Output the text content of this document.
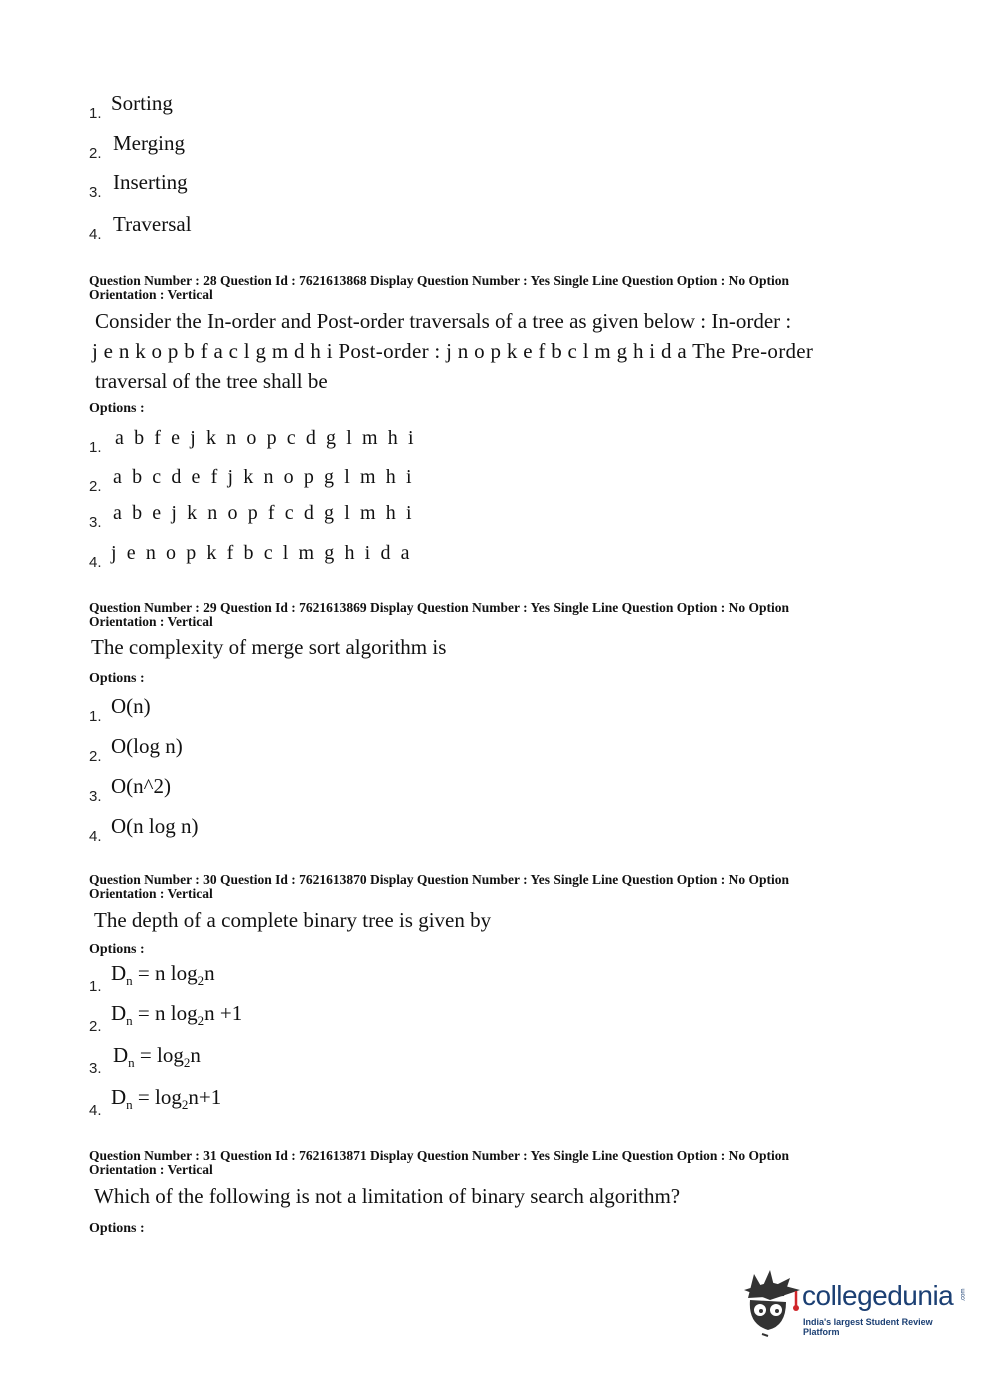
1. Sorting
2. Merging
3. Inserting
4. Traversal
Question Number : 28 Question Id : 7621613868 Display Question Number : Yes Single Line Question Option : No Option
Orientation : Vertical
Consider the In-order and Post-order traversals of a tree as given below : In-order :
j e n k o p b f a c l g m d h i Post-order : j n o p k e f b c l m g h i d a The Pre-order
traversal of the tree shall be
Options :
1. a b f e j k n o p c d g l m h i
2. a b c d e f j k n o p g l m h i
3. a b e j k n o p f c d g l m h i
4. j e n o p k f b c l m g h i d a
Question Number : 29 Question Id : 7621613869 Display Question Number : Yes Single Line Question Option : No Option
Orientation : Vertical
The complexity of merge sort algorithm is
Options :
1. O(n)
2. O(log n)
3. O(n^2)
4. O(n log n)
Question Number : 30 Question Id : 7621613870 Display Question Number : Yes Single Line Question Option : No Option
Orientation : Vertical
The depth of a complete binary tree is given by
Options :
1.
$D_n = n$ $\log_2n$
2.
$D_n = n$ $\log_2n +1$
3.
$D_n = \log_2n$
4.
$D_n = \log_2n+1$
Question Number : 31 Question Id : 7621613871 Display Question Number : Yes Single Line Question Option : No Option
Orientation : Vertical
Which of the following is not a limitation of binary search algorithm?
Options :
collegedunia .com
India's largest Student Review Platform
